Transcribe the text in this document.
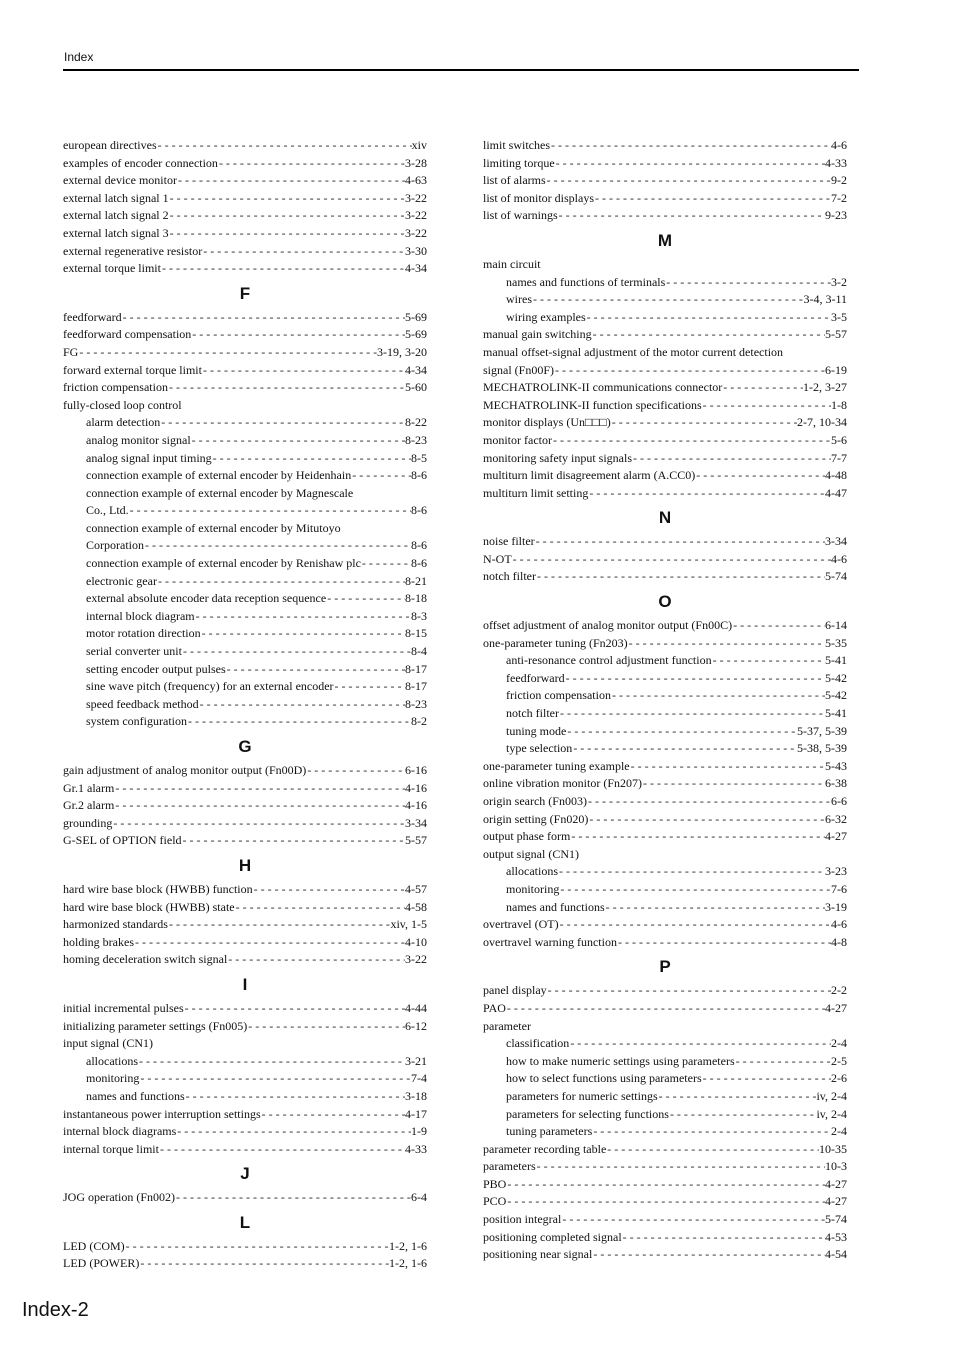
Index
european directives - - -	xiv
examples of encoder connection - - -	3-28
external device monitor - - -	4-63
external latch signal 1 - - -	3-22
external latch signal 2 - - -	3-22
external latch signal 3 - - -	3-22
external regenerative resistor - - -	3-30
external torque limit - - -	4-34
F
feedforward - - -	5-69
feedforward compensation - - -	5-69
FG - - -	3-19, 3-20
forward external torque limit - - -	4-34
friction compensation - - -	5-60
fully-closed loop control
alarm detection - - -	8-22
analog monitor signal - - -	8-23
analog signal input timing - - -	8-5
connection example of external encoder by Heidenhain - - -	8-6
connection example of external encoder by Magnescale
Co., Ltd. - - -	8-6
connection example of external encoder by Mitutoyo
Corporation - - -	8-6
connection example of external encoder by Renishaw plc - - -	8-6
electronic gear - - -	8-21
external absolute encoder data reception sequence - - -	8-18
internal block diagram - - -	8-3
motor rotation direction - - -	8-15
serial converter unit - - -	8-4
setting encoder output pulses - - -	8-17
sine wave pitch (frequency) for an external encoder - - -	8-17
speed feedback method - - -	8-23
system configuration - - -	8-2
G
gain adjustment of analog monitor output (Fn00D) - - -	6-16
Gr.1 alarm - - -	4-16
Gr.2 alarm - - -	4-16
grounding - - -	3-34
G-SEL of OPTION field - - -	5-57
H
hard wire base block (HWBB) function - - -	4-57
hard wire base block (HWBB) state - - -	4-58
harmonized standards - - -	xiv, 1-5
holding brakes - - -	4-10
homing deceleration switch signal - - -	3-22
I
initial incremental pulses - - -	4-44
initializing parameter settings (Fn005) - - -	6-12
input signal (CN1)
allocations - - -	3-21
monitoring - - -	7-4
names and functions - - -	3-18
instantaneous power interruption settings - - -	4-17
internal block diagrams - - -	1-9
internal torque limit - - -	4-33
J
JOG operation (Fn002) - - -	6-4
L
LED (COM) - - -	1-2, 1-6
LED (POWER) - - -	1-2, 1-6
limit switches - - -	4-6
limiting torque - - -	4-33
list of alarms - - -	9-2
list of monitor displays - - -	7-2
list of warnings - - -	9-23
M
main circuit
names and functions of terminals - - -	3-2
wires - - -	3-4, 3-11
wiring examples - - -	3-5
manual gain switching - - -	5-57
manual offset-signal adjustment of the motor current detection
signal (Fn00F) - - -	6-19
MECHATROLINK-II communications connector - - -	1-2, 3-27
MECHATROLINK-II function specifications - - -	1-8
monitor displays (Un□□□) - - -	2-7, 10-34
monitor factor - - -	5-6
monitoring safety input signals - - -	7-7
multiturn limit disagreement alarm (A.CC0) - - -	4-48
multiturn limit setting - - -	4-47
N
noise filter - - -	3-34
N-OT - - -	4-6
notch filter - - -	5-74
O
offset adjustment of analog monitor output (Fn00C) - - -	6-14
one-parameter tuning (Fn203) - - -	5-35
anti-resonance control adjustment function - - -	5-41
feedforward - - -	5-42
friction compensation - - -	5-42
notch filter - - -	5-41
tuning mode - - -	5-37, 5-39
type selection - - -	5-38, 5-39
one-parameter tuning example - - -	5-43
online vibration monitor (Fn207) - - -	6-38
origin search (Fn003) - - -	6-6
origin setting (Fn020) - - -	6-32
output phase form - - -	4-27
output signal (CN1)
allocations - - -	3-23
monitoring - - -	7-6
names and functions - - -	3-19
overtravel (OT) - - -	4-6
overtravel warning function - - -	4-8
P
panel display - - -	2-2
PAO - - -	4-27
parameter
classification - - -	2-4
how to make numeric settings using parameters - - -	2-5
how to select functions using parameters - - -	2-6
parameters for numeric settings - - -	iv, 2-4
parameters for selecting functions - - -	iv, 2-4
tuning parameters - - -	2-4
parameter recording table - - -	10-35
parameters - - -	10-3
PBO - - -	4-27
PCO - - -	4-27
position integral - - -	5-74
positioning completed signal - - -	4-53
positioning near signal - - -	4-54
Index-2
